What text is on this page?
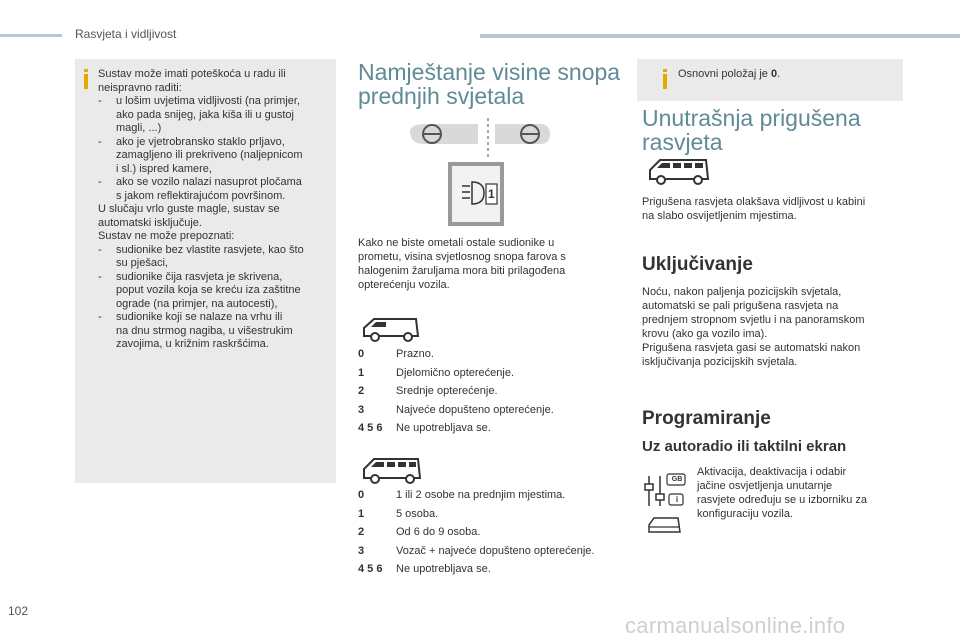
Rasvjeta i vidljivost
Sustav može imati poteškoća u radu ili
neispravno raditi:
- u lošim uvjetima vidljivosti (na primjer,
ako pada snijeg, jaka kiša ili u gustoj
magli, ...)
- ako je vjetrobransko staklo prljavo,
zamagljeno ili prekriveno (naljepnicom
i sl.) ispred kamere,
- ako se vozilo nalazi nasuprot pločama
s jakom reflektirajućom površinom.
U slučaju vrlo guste magle, sustav se
automatski isključuje.
Sustav ne može prepoznati:
- sudionike bez vlastite rasvjete, kao što
su pješaci,
- sudionike čija rasvjeta je skrivena,
poput vozila koja se kreću iza zaštitne
ograde (na primjer, na autocesti),
- sudionike koji se nalaze na vrhu ili
na dnu strmog nagiba, u višestrukim
zavojima, u križnim raskršćima.
Namještanje visine snopa
prednjih svjetala
1
Kako ne biste ometali ostale sudionike u
prometu, visina svjetlosnog snopa farova s
halogenim žaruljama mora biti prilagođena
opterećenju vozila.
0	Prazno.
1	Djelomično opterećenje.
2	Srednje opterećenje.
3	Najveće dopušteno opterećenje.
4 5 6	Ne upotrebljava se.
0	1 ili 2 osobe na prednjim mjestima.
1	5 osoba.
2	Od 6 do 9 osoba.
3	Vozač + najveće dopušteno opterećenje.
4 5 6	Ne upotrebljava se.
Osnovni položaj je 0.
Unutrašnja prigušena
rasvjeta
Prigušena rasvjeta olakšava vidljivost u kabini
na slabo osvijetljenim mjestima.
Uključivanje
Noću, nakon paljenja pozicijskih svjetala,
automatski se pali prigušena rasvjeta na
prednjem stropnom svjetlu i na panoramskom
krovu (ako ga vozilo ima).
Prigušena rasvjeta gasi se automatski nakon
isključivanja pozicijskih svjetala.
Programiranje
Uz autoradio ili taktilni ekran
GB
i
Aktivacija, deaktivacija i odabir
jačine osvjetljenja unutarnje
rasvjete određuju se u izborniku za
konfiguraciju vozila.
102
carmanualsonline.info
